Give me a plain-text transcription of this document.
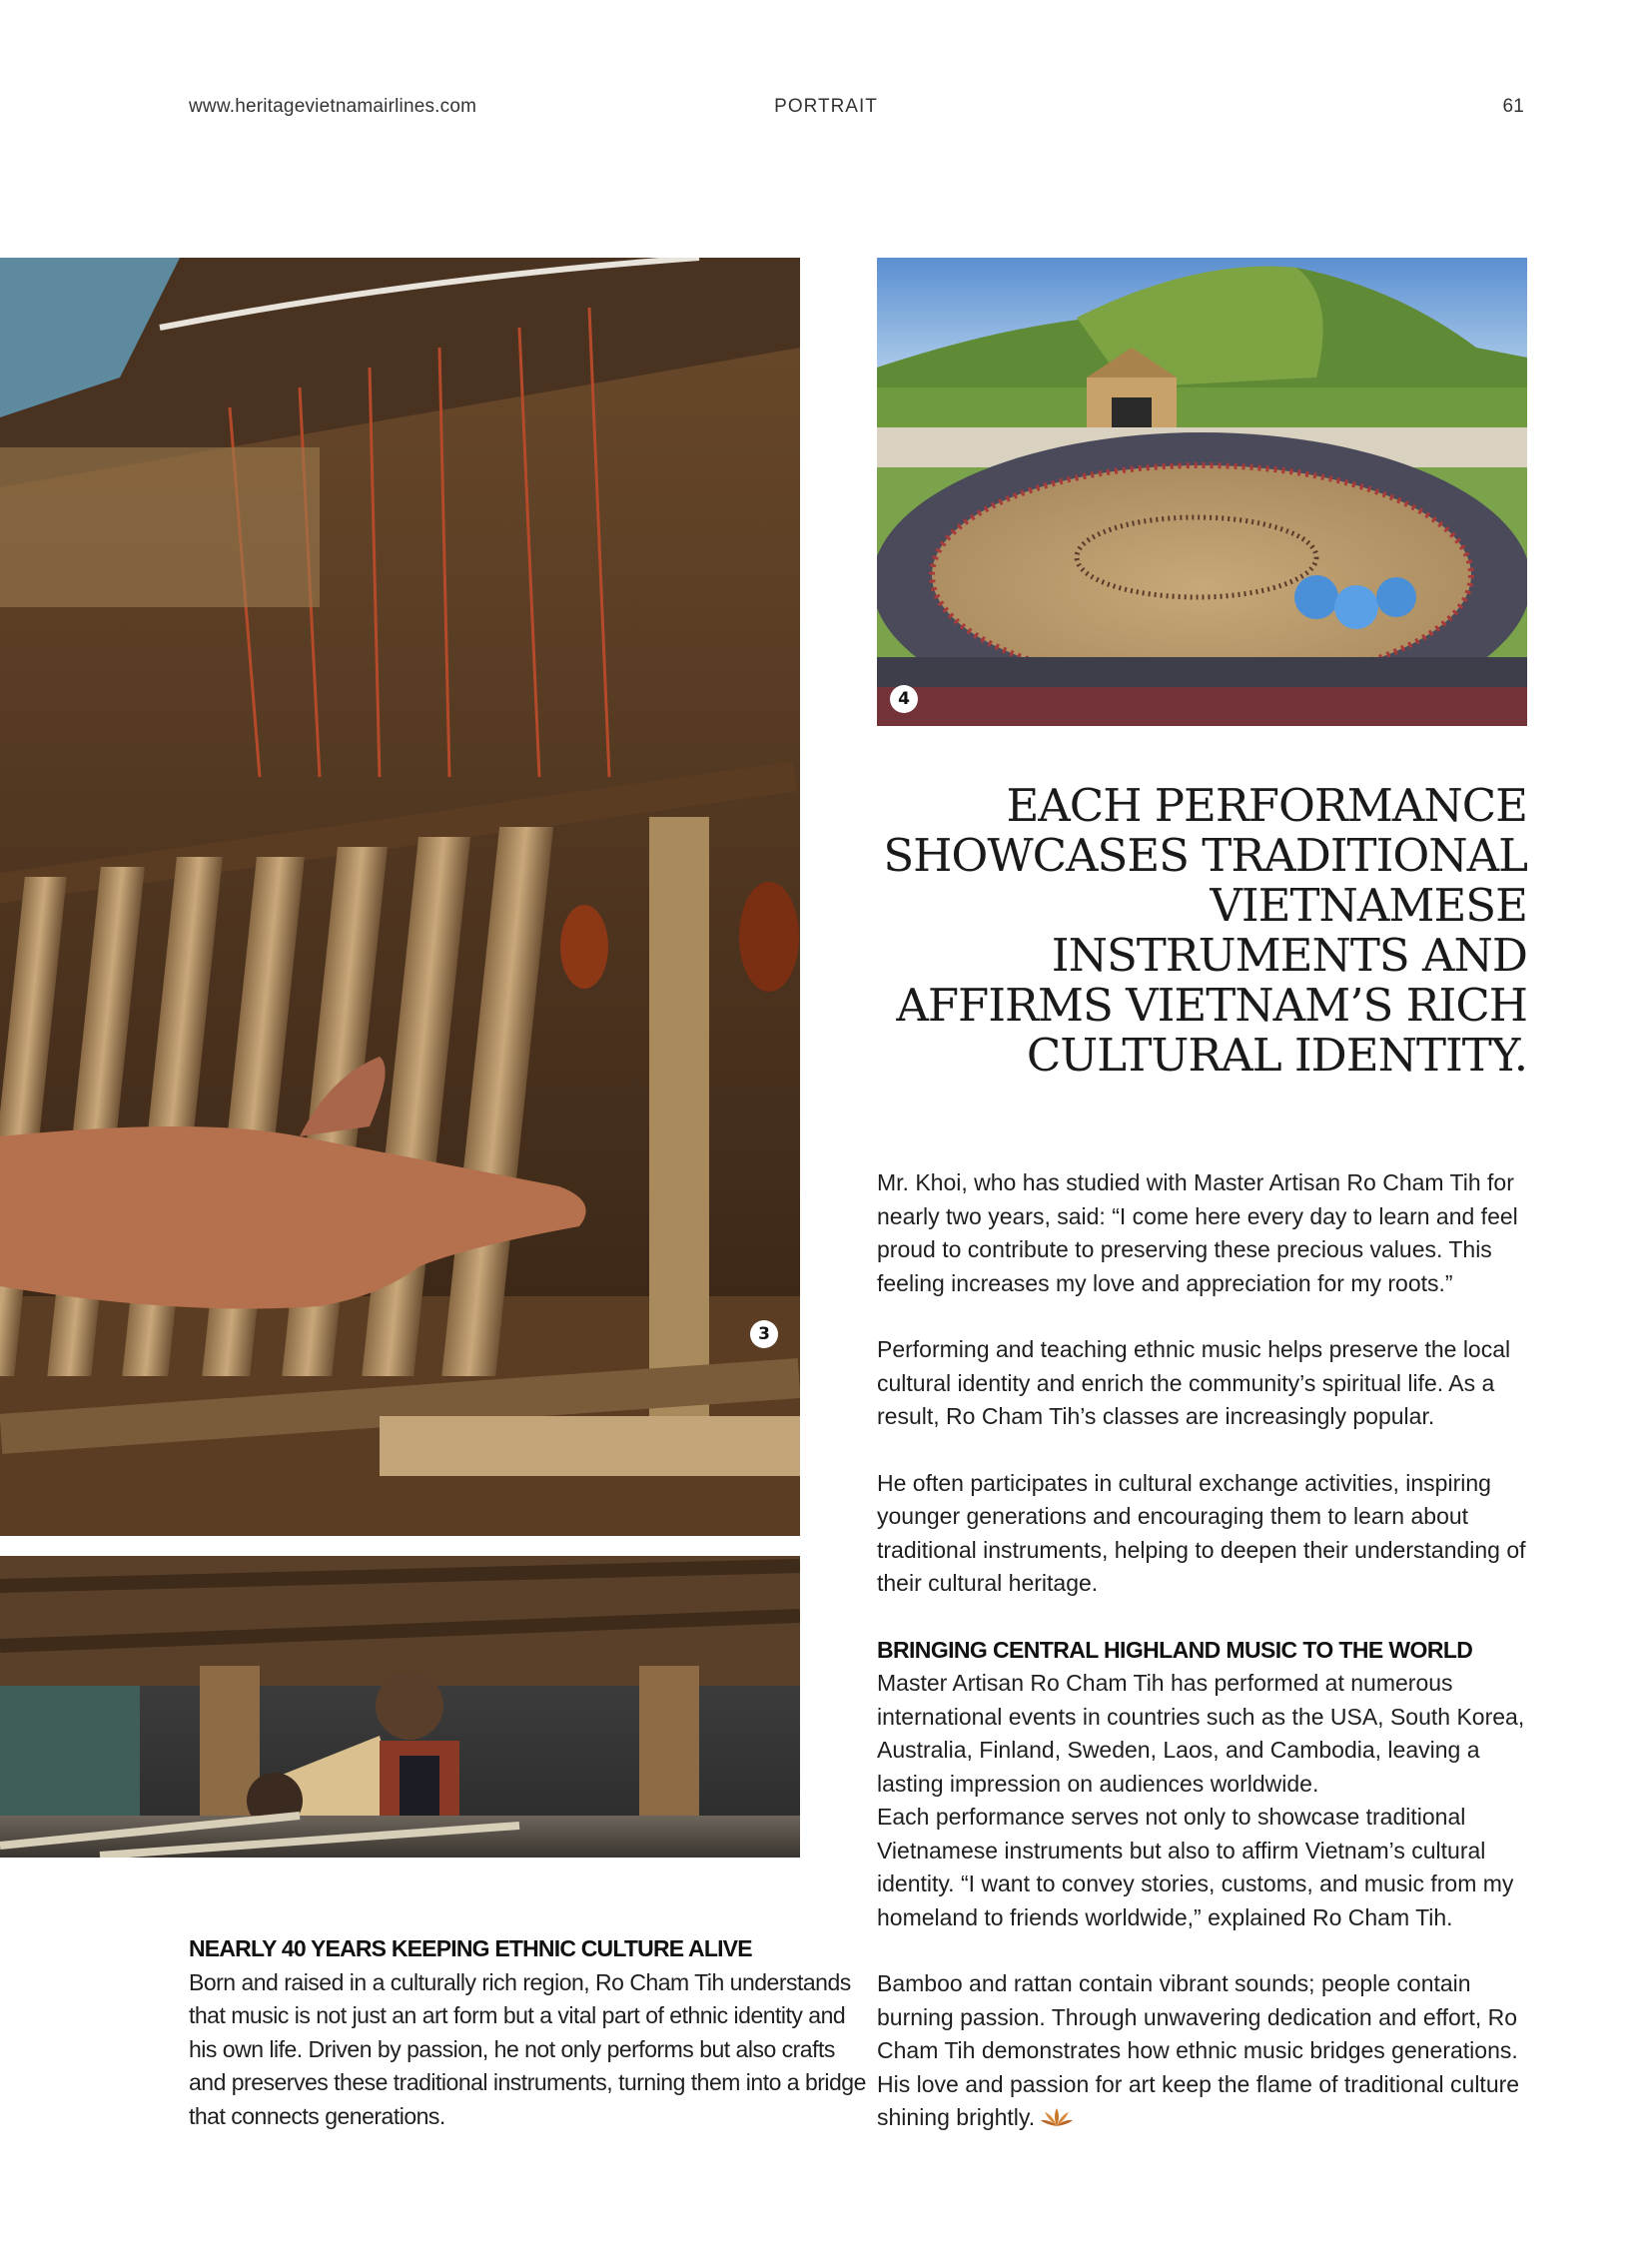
www.heritagevietnamairlines.com	PORTRAIT	61
3
4
EACH PERFORMANCE SHOWCASES TRADITIONAL VIETNAMESE INSTRUMENTS AND AFFIRMS VIETNAM’S RICH CULTURAL IDENTITY.

Mr. Khoi, who has studied with Master Artisan Ro Cham Tih for nearly two years, said: “I come here every day to learn and feel proud to contribute to preserving these precious values. This feeling increases my love and appreciation for my roots.”

Performing and teaching ethnic music helps preserve the local cultural identity and enrich the community’s spiritual life. As a result, Ro Cham Tih’s classes are increasingly popular.

He often participates in cultural exchange activities, inspiring younger generations and encouraging them to learn about traditional instruments, helping to deepen their understanding of their cultural heritage.

BRINGING CENTRAL HIGHLAND MUSIC TO THE WORLD

Master Artisan Ro Cham Tih has performed at numerous international events in countries such as the USA, South Korea, Australia, Finland, Sweden, Laos, and Cambodia, leaving a lasting impression on audiences worldwide.

Each performance serves not only to showcase traditional Vietnamese instruments but also to affirm Vietnam’s cultural identity. “I want to convey stories, customs, and music from my homeland to friends worldwide,” explained Ro Cham Tih.

Bamboo and rattan contain vibrant sounds; people contain burning passion. Through unwavering dedication and effort, Ro Cham Tih demonstrates how ethnic music bridges generations. His love and passion for art keep the flame of traditional culture shining brightly.

NEARLY 40 YEARS KEEPING ETHNIC CULTURE ALIVE

Born and raised in a culturally rich region, Ro Cham Tih understands that music is not just an art form but a vital part of ethnic identity and his own life. Driven by passion, he not only performs but also crafts and preserves these traditional instruments, turning them into a bridge that connects generations.
